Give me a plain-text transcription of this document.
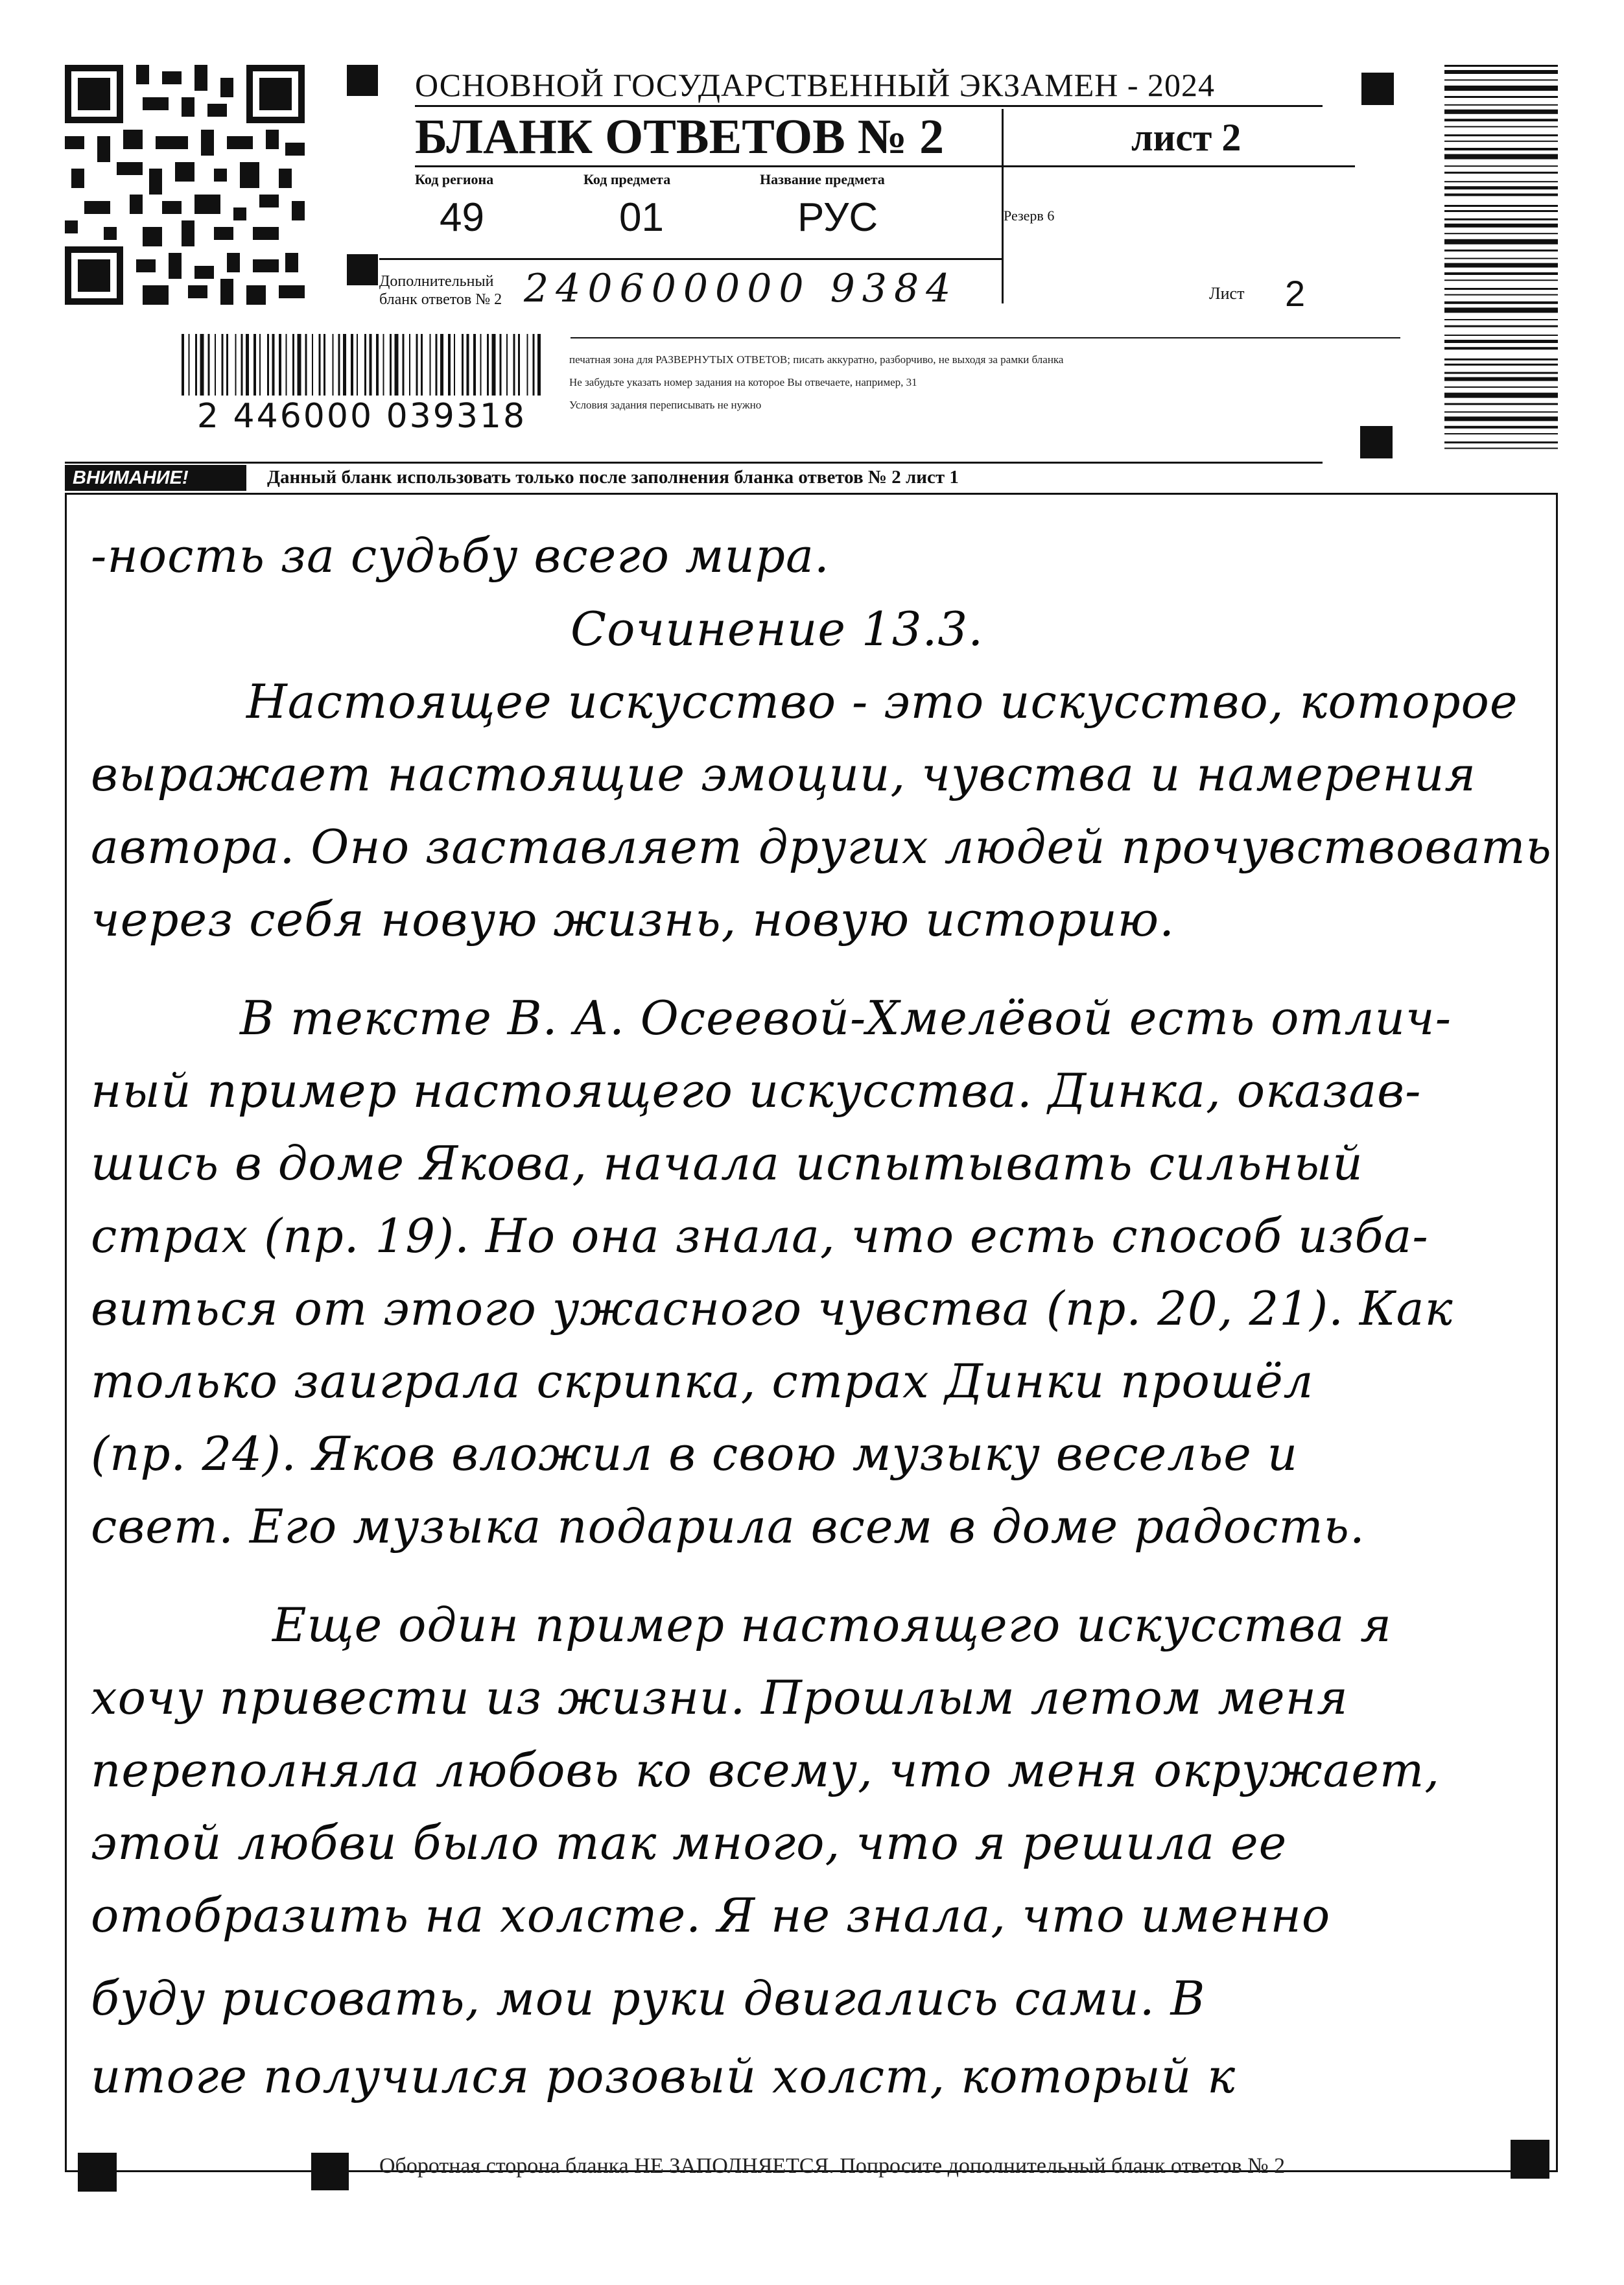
ОСНОВНОЙ ГОСУДАРСТВЕННЫЙ ЭКЗАМЕН - 2024
БЛАНК ОТВЕТОВ № 2	лист 2
Код региона
49
Код предмета
01
Название предмета
РУС	Резерв 6
Дополнительный
бланк ответов № 2 240600000 9384	Лист 2
печатная зона для РАЗВЕРНУТЫХ ОТВЕТОВ; писать аккуратно, разборчиво, не выходя за рамки бланка
Не забудьте указать номер задания на которое Вы отвечаете, например, 31
Условия задания переписывать не нужно
2 446000 039318
ВНИМАНИЕ!	Данный бланк использовать только после заполнения бланка ответов № 2 лист 1
-ность за судьбу всего мира.
Сочинение 13.3.
Настоящее искусство - это искусство, которое
выражает настоящие эмоции, чувства и намерения
автора. Оно заставляет других людей прочувствовать
через себя новую жизнь, новую историю.
В тексте В. А. Осеевой-Хмелёвой есть отлич-
ный пример настоящего искусства. Динка, оказав-
шись в доме Якова, начала испытывать сильный
страх (пр. 19). Но она знала, что есть способ изба-
виться от этого ужасного чувства (пр. 20, 21). Как
только заиграла скрипка, страх Динки прошёл
(пр. 24). Яков вложил в свою музыку веселье и
свет. Его музыка подарила всем в доме радость.
Еще один пример настоящего искусства я
хочу привести из жизни. Прошлым летом меня
переполняла любовь ко всему, что меня окружает,
этой любви было так много, что я решила ее
отобразить на холсте. Я не знала, что именно
буду рисовать, мои руки двигались сами. В
итоге получился розовый холст, который к
Оборотная сторона бланка НЕ ЗАПОЛНЯЕТСЯ. Попросите дополнительный бланк ответов № 2
